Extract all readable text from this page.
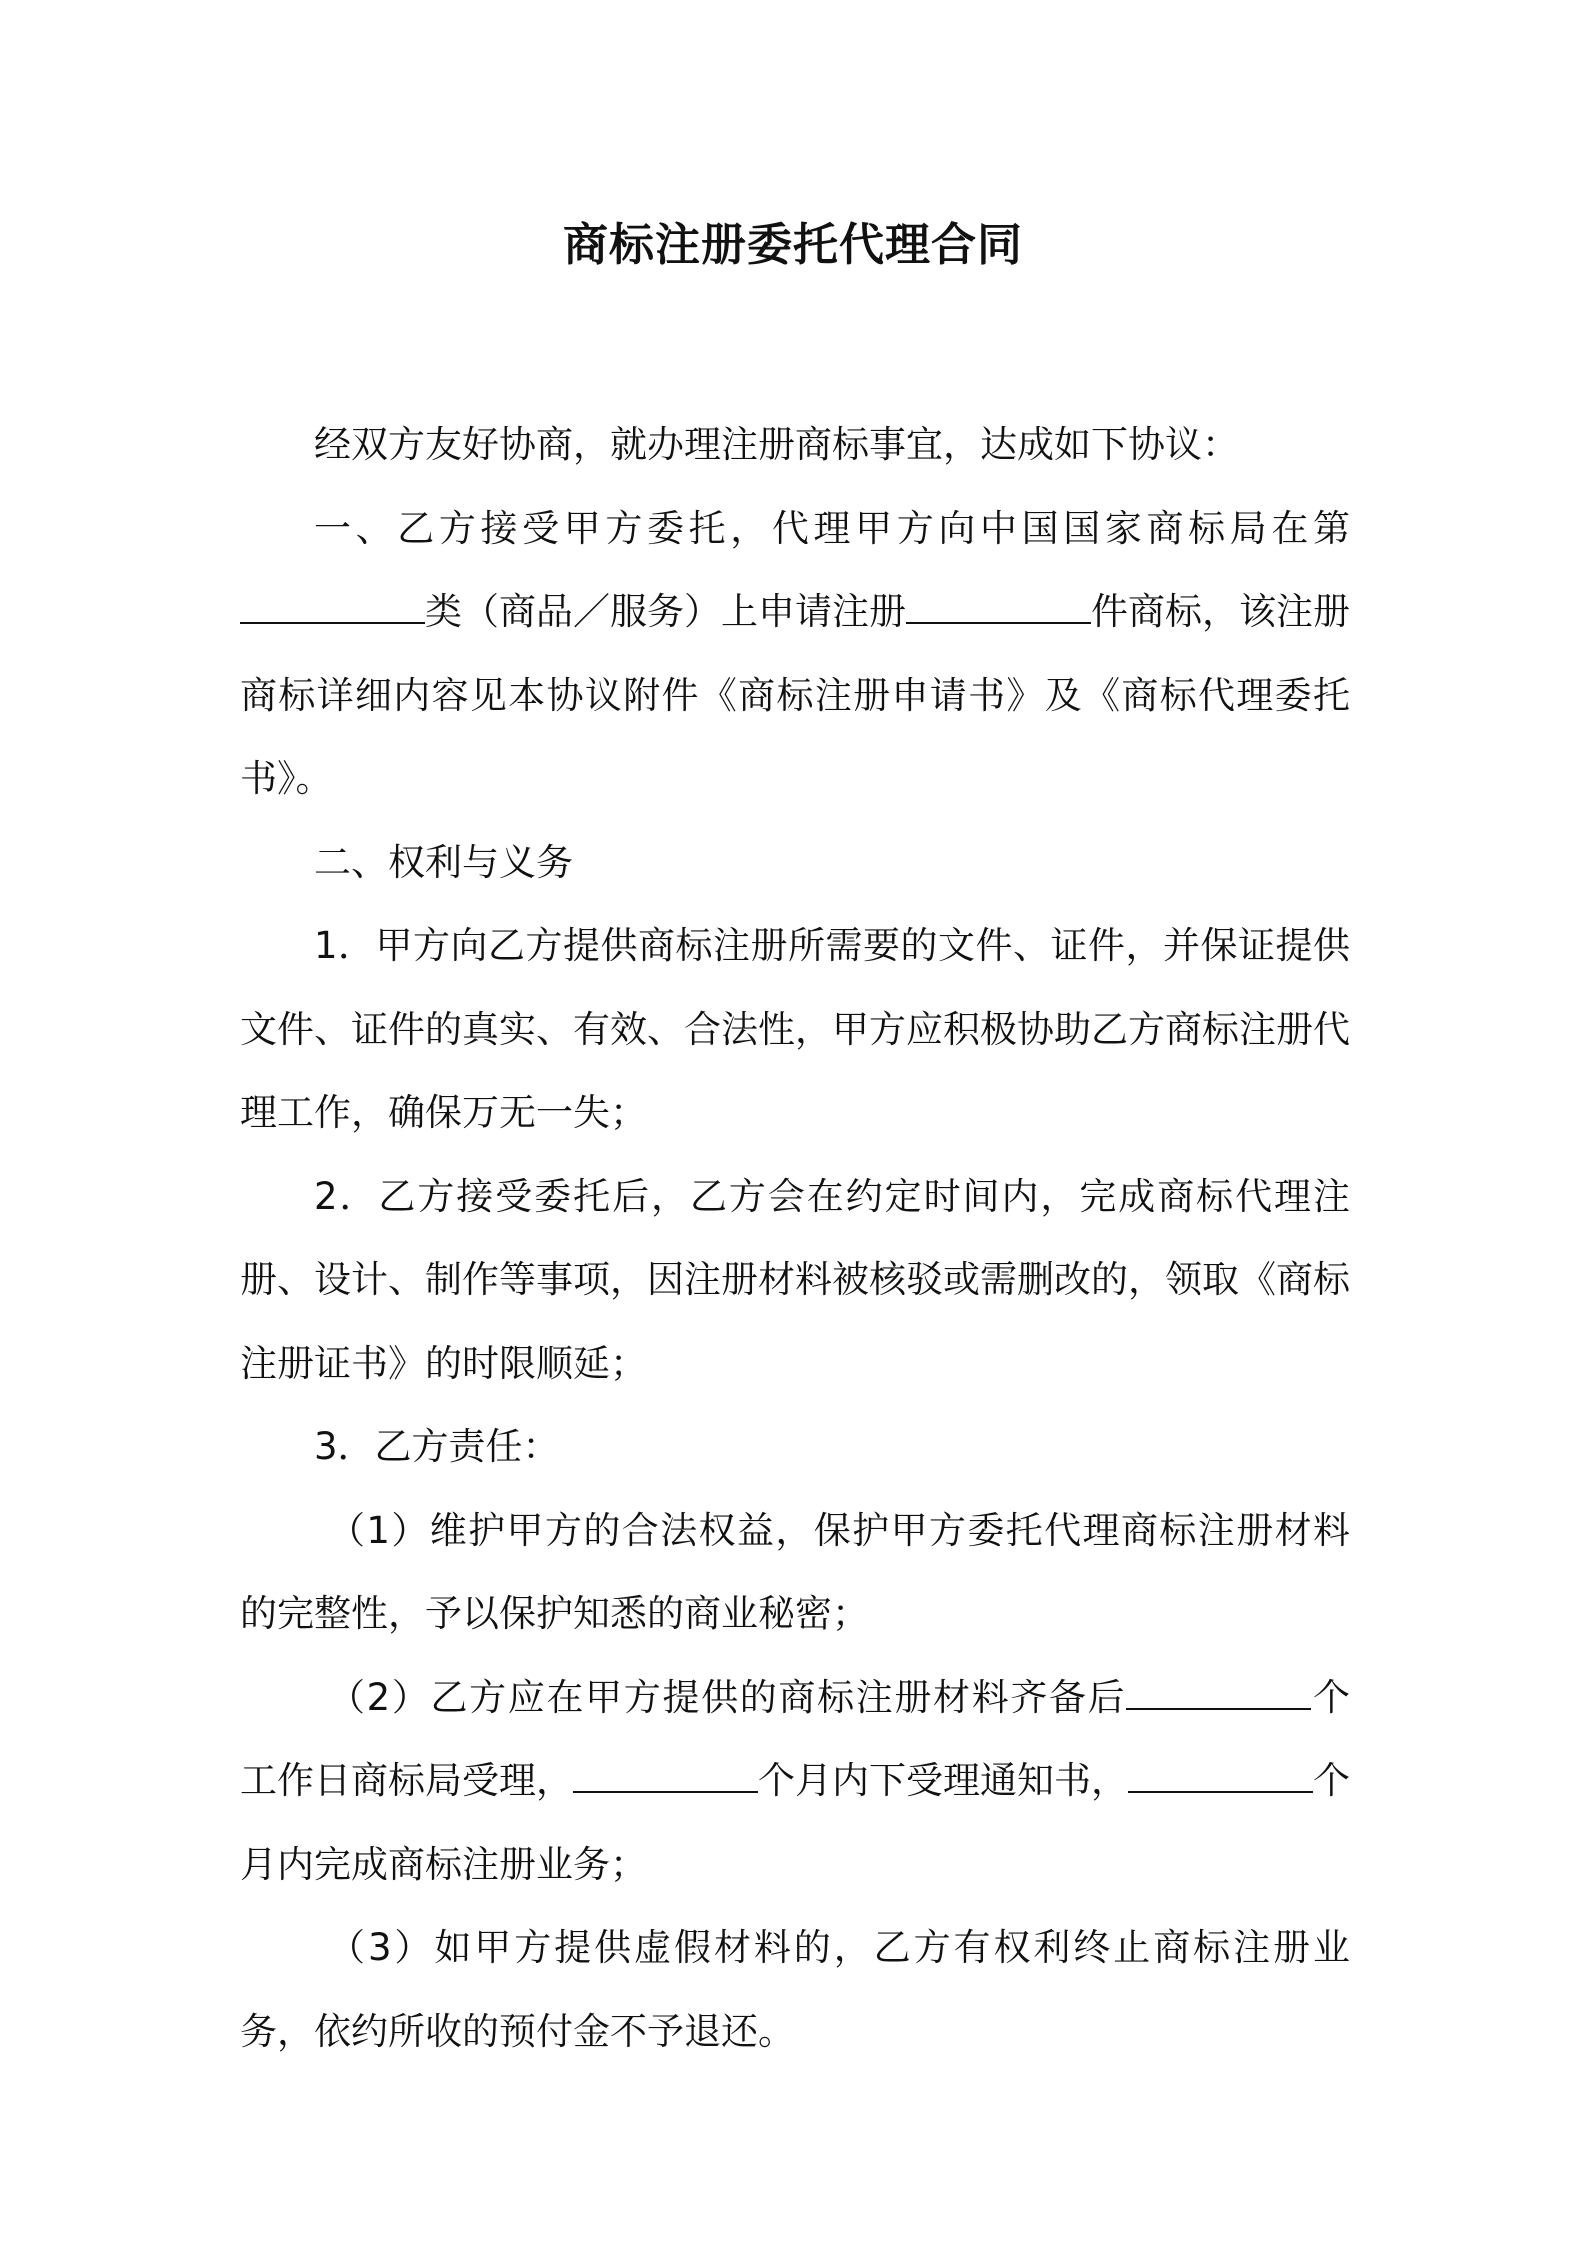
商标注册委托代理合同

经双方友好协商，就办理注册商标事宜，达成如下协议：

一、乙方接受甲方委托，代理甲方向中国国家商标局在第类（商品／服务）上申请注册	件商标，该注册商标详细内容见本协议附件《商标注册申请书》及《商标代理委托书》。

二、权利与义务

1．甲方向乙方提供商标注册所需要的文件、证件，并保证提供文件、证件的真实、有效、合法性，甲方应积极协助乙方商标注册代理工作，确保万无一失；

2．乙方接受委托后，乙方会在约定时间内，完成商标代理注册、设计、制作等事项，因注册材料被核驳或需删改的，领取《商标注册证书》的时限顺延；

3．乙方责任：

（1）维护甲方的合法权益，保护甲方委托代理商标注册材料的完整性，予以保护知悉的商业秘密；

（2）乙方应在甲方提供的商标注册材料齐备后	个工作日商标局受理，	个月内下受理通知书，	个月内完成商标注册业务；

（3）如甲方提供虚假材料的，乙方有权利终止商标注册业务，依约所收的预付金不予退还。
